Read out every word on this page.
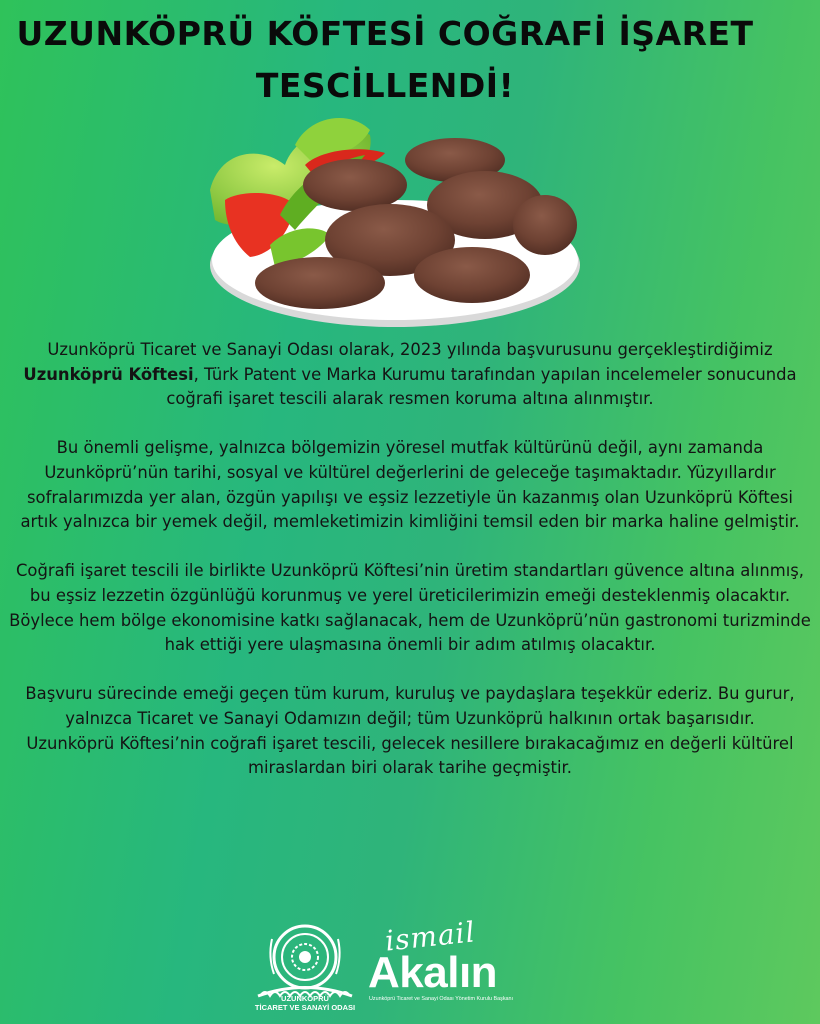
UZUNKÖPRÜ KÖFTESİ COĞRAFİ İŞARET
TESCİLLENDİ!

Uzunköprü Ticaret ve Sanayi Odası olarak, 2023 yılında başvurusunu gerçekleştirdiğimiz Uzunköprü Köftesi, Türk Patent ve Marka Kurumu tarafından yapılan incelemeler sonucunda coğrafi işaret tescili alarak resmen koruma altına alınmıştır.

Bu önemli gelişme, yalnızca bölgemizin yöresel mutfak kültürünü değil, aynı zamanda Uzunköprü’nün tarihi, sosyal ve kültürel değerlerini de geleceğe taşımaktadır. Yüzyıllardır sofralarımızda yer alan, özgün yapılışı ve eşsiz lezzetiyle ün kazanmış olan Uzunköprü Köftesi artık yalnızca bir yemek değil, memleketimizin kimliğini temsil eden bir marka haline gelmiştir.

Coğrafi işaret tescili ile birlikte Uzunköprü Köftesi’nin üretim standartları güvence altına alınmış, bu eşsiz lezzetin özgünlüğü korunmuş ve yerel üreticilerimizin emeği desteklenmiş olacaktır. Böylece hem bölge ekonomisine katkı sağlanacak, hem de Uzunköprü’nün gastronomi turizminde hak ettiği yere ulaşmasına önemli bir adım atılmış olacaktır.

Başvuru sürecinde emeği geçen tüm kurum, kuruluş ve paydaşlara teşekkür ederiz. Bu gurur, yalnızca Ticaret ve Sanayi Odamızın değil; tüm Uzunköprü halkının ortak başarısıdır.

Uzunköprü Köftesi’nin coğrafi işaret tescili, gelecek nesillere bırakacağımız en değerli kültürel miraslardan biri olarak tarihe geçmiştir.

UZUNKÖPRÜ
TİCARET VE SANAYİ ODASI
ismail
Akalın
Uzunköprü Ticaret ve Sanayi Odası Yönetim Kurulu Başkanı
